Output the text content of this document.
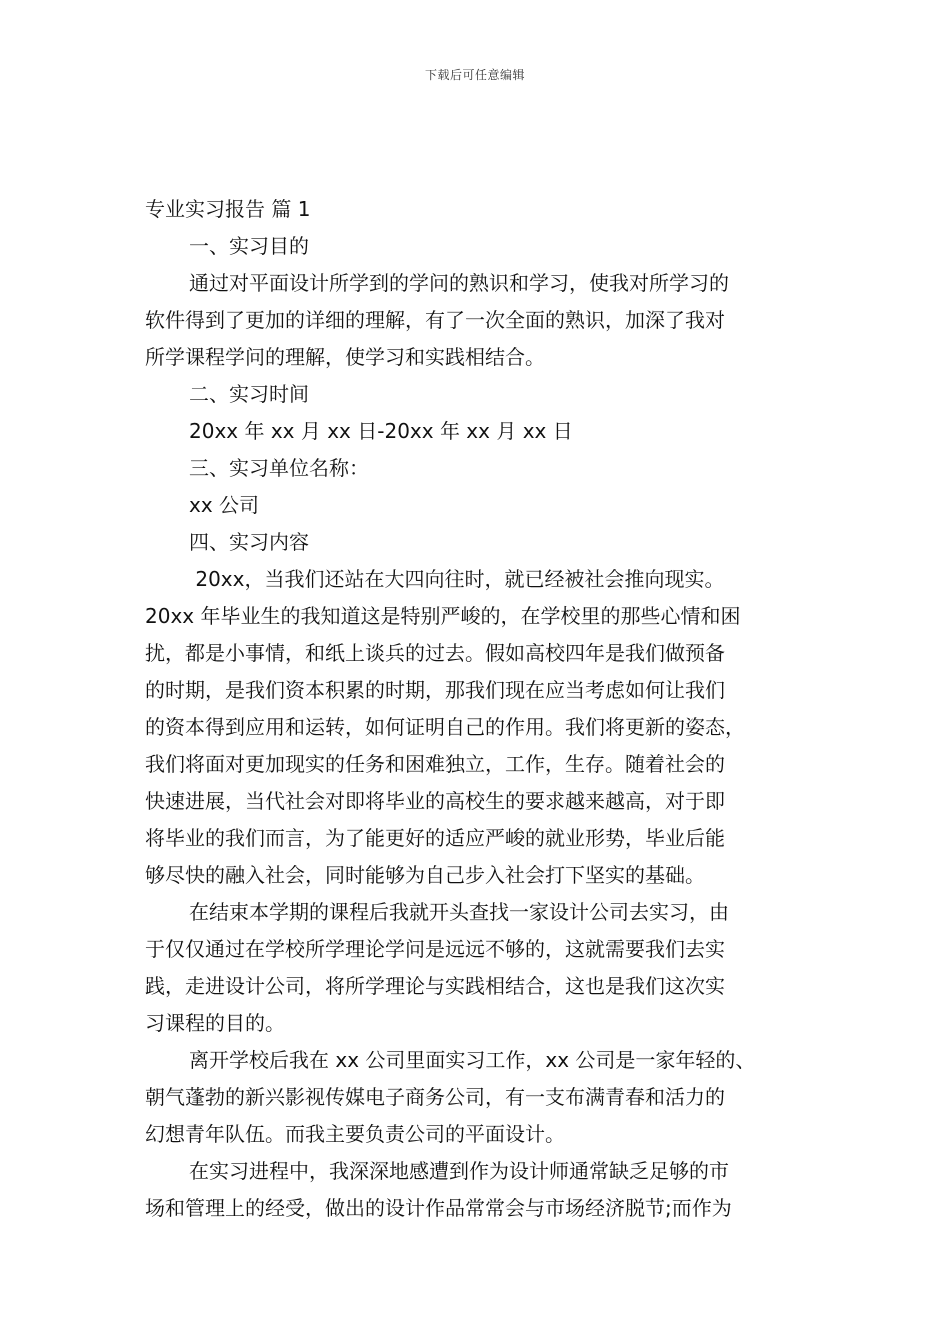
下载后可任意编辑
专业实习报告 篇 1
一、实习目的
通过对平面设计所学到的学问的熟识和学习，使我对所学习的
软件得到了更加的详细的理解，有了一次全面的熟识，加深了我对
所学课程学问的理解，使学习和实践相结合。
二、实习时间
20xx 年 xx 月 xx 日-20xx 年 xx 月 xx 日
三、实习单位名称：
xx 公司
四、实习内容
20xx，当我们还站在大四向往时，就已经被社会推向现实。
20xx 年毕业生的我知道这是特别严峻的，在学校里的那些心情和困
扰，都是小事情，和纸上谈兵的过去。假如高校四年是我们做预备
的时期，是我们资本积累的时期，那我们现在应当考虑如何让我们
的资本得到应用和运转，如何证明自己的作用。我们将更新的姿态，
我们将面对更加现实的任务和困难独立，工作，生存。随着社会的
快速进展，当代社会对即将毕业的高校生的要求越来越高，对于即
将毕业的我们而言，为了能更好的适应严峻的就业形势，毕业后能
够尽快的融入社会，同时能够为自己步入社会打下坚实的基础。
在结束本学期的课程后我就开头查找一家设计公司去实习，由
于仅仅通过在学校所学理论学问是远远不够的，这就需要我们去实
践，走进设计公司，将所学理论与实践相结合，这也是我们这次实
习课程的目的。
离开学校后我在 xx 公司里面实习工作，xx 公司是一家年轻的、
朝气蓬勃的新兴影视传媒电子商务公司，有一支布满青春和活力的
幻想青年队伍。而我主要负责公司的平面设计。
在实习进程中，我深深地感遭到作为设计师通常缺乏足够的市
场和管理上的经受，做出的设计作品常常会与市场经济脱节;而作为
